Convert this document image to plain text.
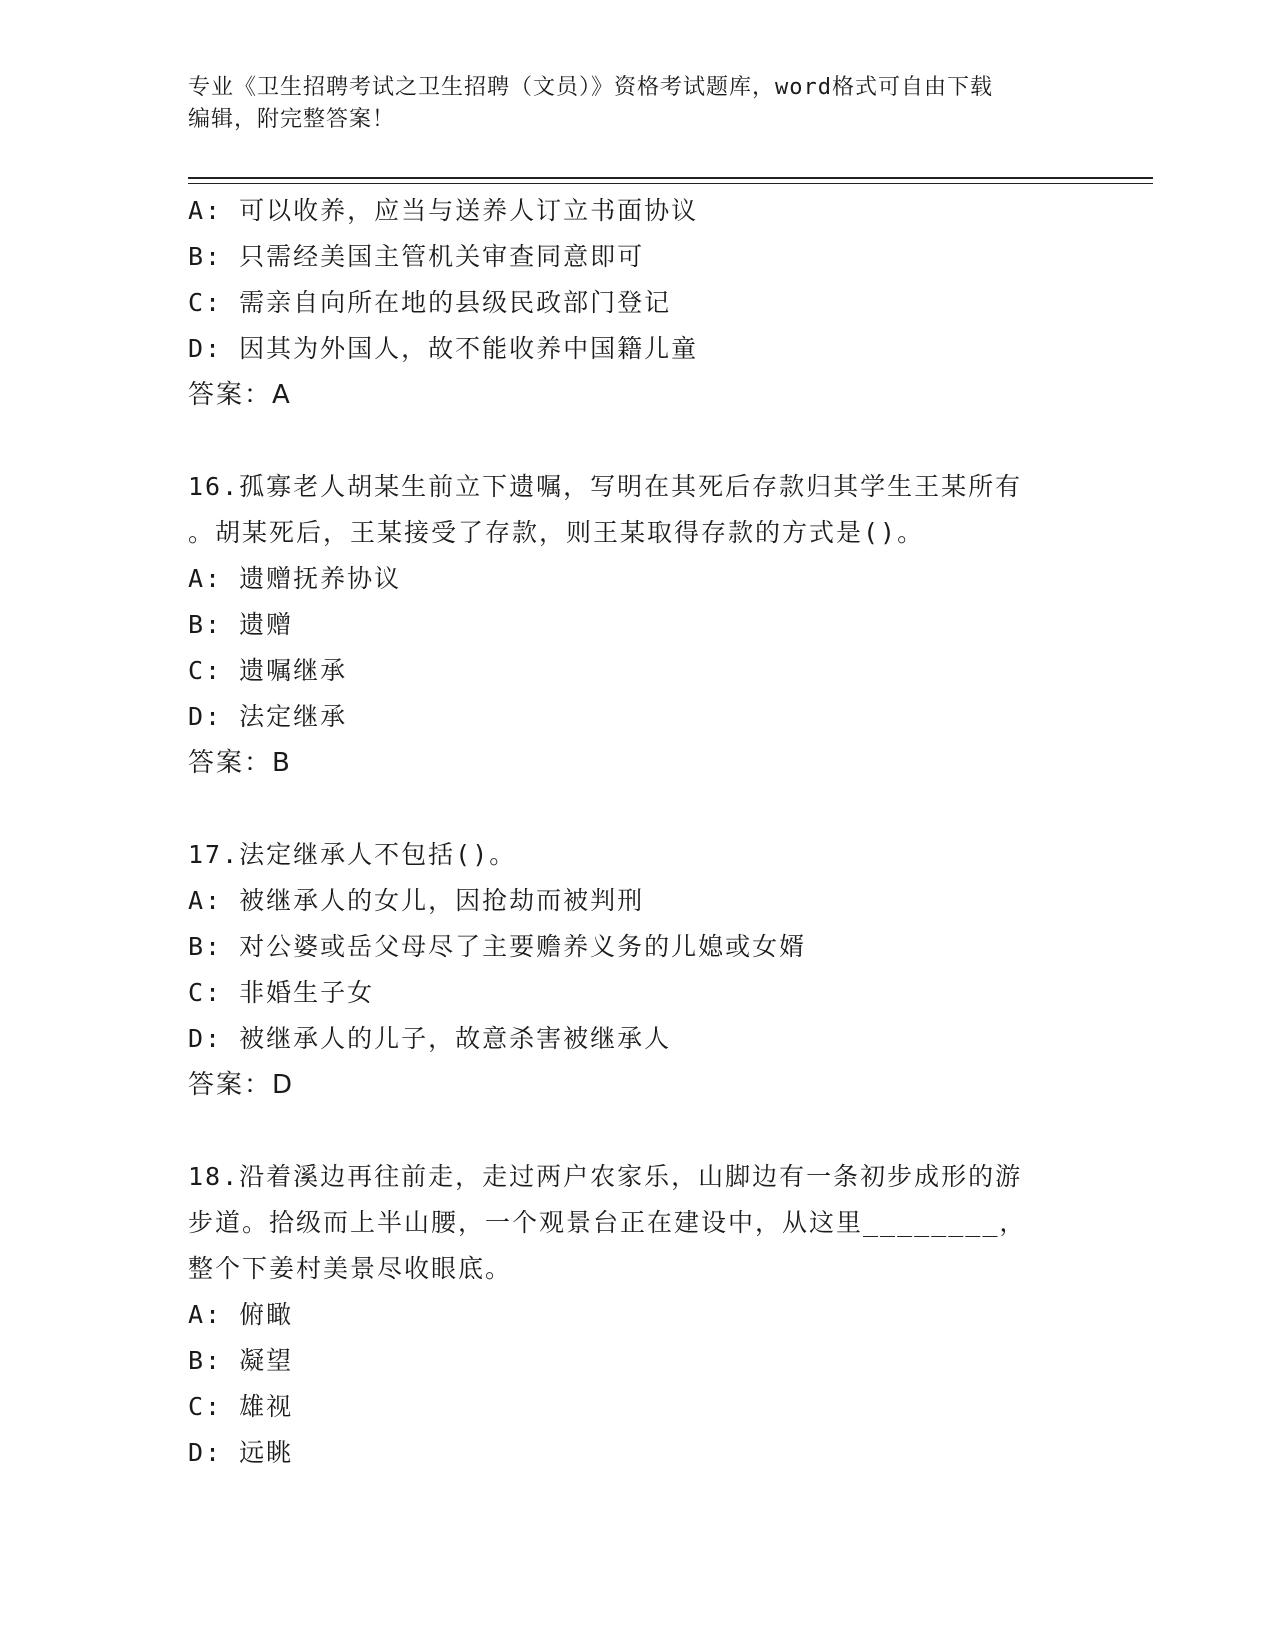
专业《卫生招聘考试之卫生招聘（文员）》资格考试题库，word格式可自由下载
编辑，附完整答案！
A: 可以收养，应当与送养人订立书面协议
B: 只需经美国主管机关审查同意即可
C: 需亲自向所在地的县级民政部门登记
D: 因其为外国人，故不能收养中国籍儿童
答案：A
16.孤寡老人胡某生前立下遗嘱，写明在其死后存款归其学生王某所有
。胡某死后，王某接受了存款，则王某取得存款的方式是()。
A: 遗赠抚养协议
B: 遗赠
C: 遗嘱继承
D: 法定继承
答案：B
17.法定继承人不包括()。
A: 被继承人的女儿，因抢劫而被判刑
B: 对公婆或岳父母尽了主要赡养义务的儿媳或女婿
C: 非婚生子女
D: 被继承人的儿子，故意杀害被继承人
答案：D
18.沿着溪边再往前走，走过两户农家乐，山脚边有一条初步成形的游
步道。拾级而上半山腰，一个观景台正在建设中，从这里________，
整个下姜村美景尽收眼底。
A: 俯瞰
B: 凝望
C: 雄视
D: 远眺
